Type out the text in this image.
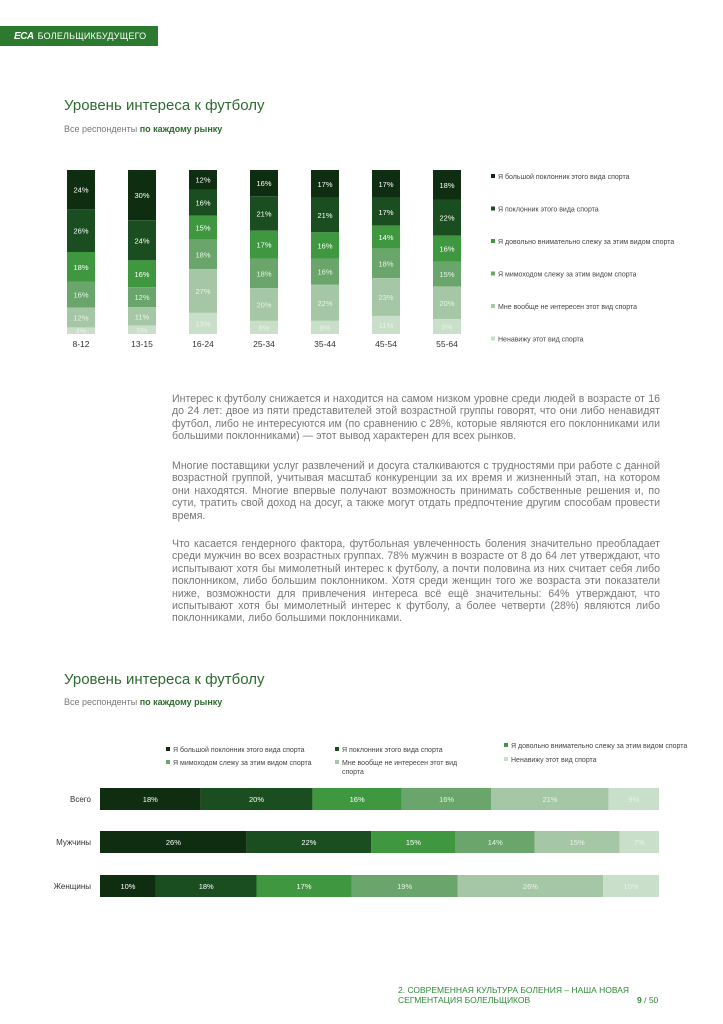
ECA БОЛЕЛЬЩИКБУДУЩЕГО
Уровень интереса к футболу
Все респонденты по каждому рынку
24%
26%
18%
16%
12%
4%
8-12
30%
24%
16%
12%
11%
5%
13-15
12%
16%
15%
18%
27%
13%
16-24
16%
21%
17%
18%
20%
8%
25-34
17%
21%
16%
16%
22%
8%
35-44
17%
17%
14%
18%
23%
11%
45-54
18%
22%
16%
15%
20%
9%
55-64
Я большой поклонник этого вида спорта
Я поклонник этого вида спорта
Я довольно внимательно слежу за этим видом спорта
Я мимоходом слежу за этим видом спорта
Мне вообще не интересен этот вид спорта
Ненавижу этот вид спорта

Интерес к футболу снижается и находится на самом низком уровне среди людей в возрасте от 16 до 24 лет: двое из пяти представителей этой возрастной группы говорят, что они либо ненавидят футбол, либо не интересуются им (по сравнению с 28%, которые являются его поклонниками или большими поклонниками) — этот вывод характерен для всех рынков.

Многие поставщики услуг развлечений и досуга сталкиваются с трудностями при работе с данной возрастной группой, учитывая масштаб конкуренции за их время и жизненный этап, на котором они находятся. Многие впервые получают возможность принимать собственные решения и, по сути, тратить свой доход на досуг, а также могут отдать предпочтение другим способам провести время.

Что касается гендерного фактора, футбольная увлеченность боления значительно преобладает среди мужчин во всех возрастных группах. 78% мужчин в возрасте от 8 до 64 лет утверждают, что испытывают хотя бы мимолетный интерес к футболу, а почти половина из них считает себя либо поклонником, либо большим поклонником. Хотя среди женщин того же возраста эти показатели ниже, возможности для привлечения интереса всё ещё значительны: 64% утверждают, что испытывают хотя бы мимолетный интерес к футболу, а более четверти (28%) являются либо поклонниками, либо большими поклонниками.

Уровень интереса к футболу
Все респонденты по каждому рынку
Я большой поклонник этого вида спорта	Я поклонник этого вида спорта
Я довольно внимательно слежу за этим видом спорта
Я мимоходом слежу за этим видом спорта	Мне вообще не интересен этот вид
спорта
Ненавижу этот вид спорта
Всего	18%	20%	16%	16%	21%	9%
Мужчины	26%	22%	15%	14%	15%	7%
Женщины	10%	18%	17%	19%	26%	10%
2. СОВРЕМЕННАЯ КУЛЬТУРА БОЛЕНИЯ – НАША НОВАЯ СЕГМЕНТАЦИЯ БОЛЕЛЬЩИКОВ	9 / 50
